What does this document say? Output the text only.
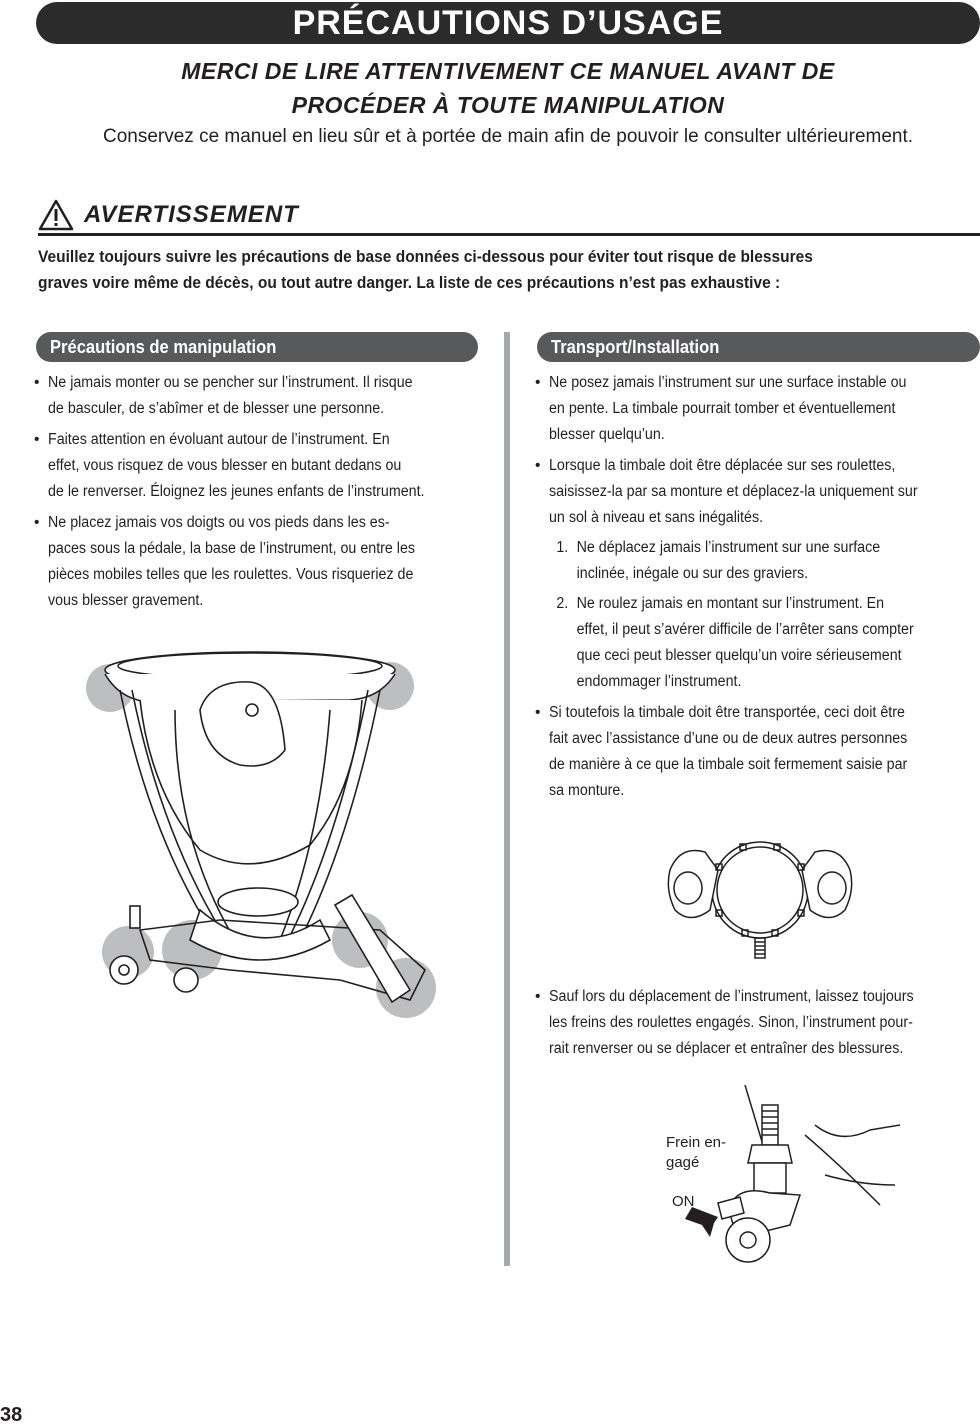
PRÉCAUTIONS D’USAGE
MERCI DE LIRE ATTENTIVEMENT CE MANUEL AVANT DE
PROCÉDER À TOUTE MANIPULATION
Conservez ce manuel en lieu sûr et à portée de main afin de pouvoir le consulter ultérieurement.
AVERTISSEMENT
Veuillez toujours suivre les précautions de base données ci-dessous pour éviter tout risque de blessures
graves voire même de décès, ou tout autre danger. La liste de ces précautions n’est pas exhaustive :
Précautions de manipulation
• Ne jamais monter ou se pencher sur l’instrument. Il risque
de basculer, de s’abîmer et de blesser une personne.
• Faites attention en évoluant autour de l’instrument. En
effet, vous risquez de vous blesser en butant dedans ou
de le renverser. Éloignez les jeunes enfants de l’instrument.
• Ne placez jamais vos doigts ou vos pieds dans les es-
paces sous la pédale, la base de l’instrument, ou entre les
pièces mobiles telles que les roulettes. Vous risqueriez de
vous blesser gravement.
Transport/Installation
• Ne posez jamais l’instrument sur une surface instable ou
en pente. La timbale pourrait tomber et éventuellement
blesser quelqu’un.
• Lorsque la timbale doit être déplacée sur ses roulettes,
saisissez-la par sa monture et déplacez-la uniquement sur
un sol à niveau et sans inégalités.
1. Ne déplacez jamais l’instrument sur une surface
inclinée, inégale ou sur des graviers.
2. Ne roulez jamais en montant sur l’instrument. En
effet, il peut s’avérer difficile de l’arrêter sans compter
que ceci peut blesser quelqu’un voire sérieusement
endommager l’instrument.
• Si toutefois la timbale doit être transportée, ceci doit être
fait avec l’assistance d’une ou de deux autres personnes
de manière à ce que la timbale soit fermement saisie par
sa monture.
• Sauf lors du déplacement de l’instrument, laissez toujours
les freins des roulettes engagés. Sinon, l’instrument pour-
rait renverser ou se déplacer et entraîner des blessures.
Frein en-
gagé
ON
38
